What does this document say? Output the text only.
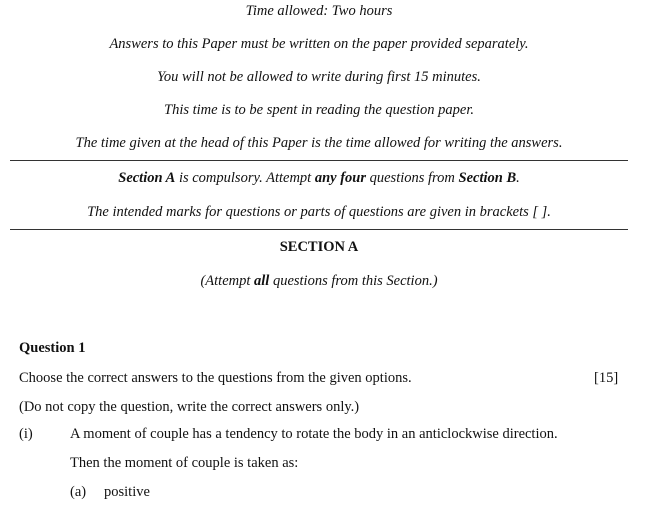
Time allowed: Two hours
Answers to this Paper must be written on the paper provided separately.
You will not be allowed to write during first 15 minutes.
This time is to be spent in reading the question paper.
The time given at the head of this Paper is the time allowed for writing the answers.
Section A is compulsory. Attempt any four questions from Section B.
The intended marks for questions or parts of questions are given in brackets [ ].
SECTION A
(Attempt all questions from this Section.)
Question 1
Choose the correct answers to the questions from the given options.	[15]
(Do not copy the question, write the correct answers only.)
(i)	A moment of couple has a tendency to rotate the body in an anticlockwise direction.
Then the moment of couple is taken as:
(a) positive
